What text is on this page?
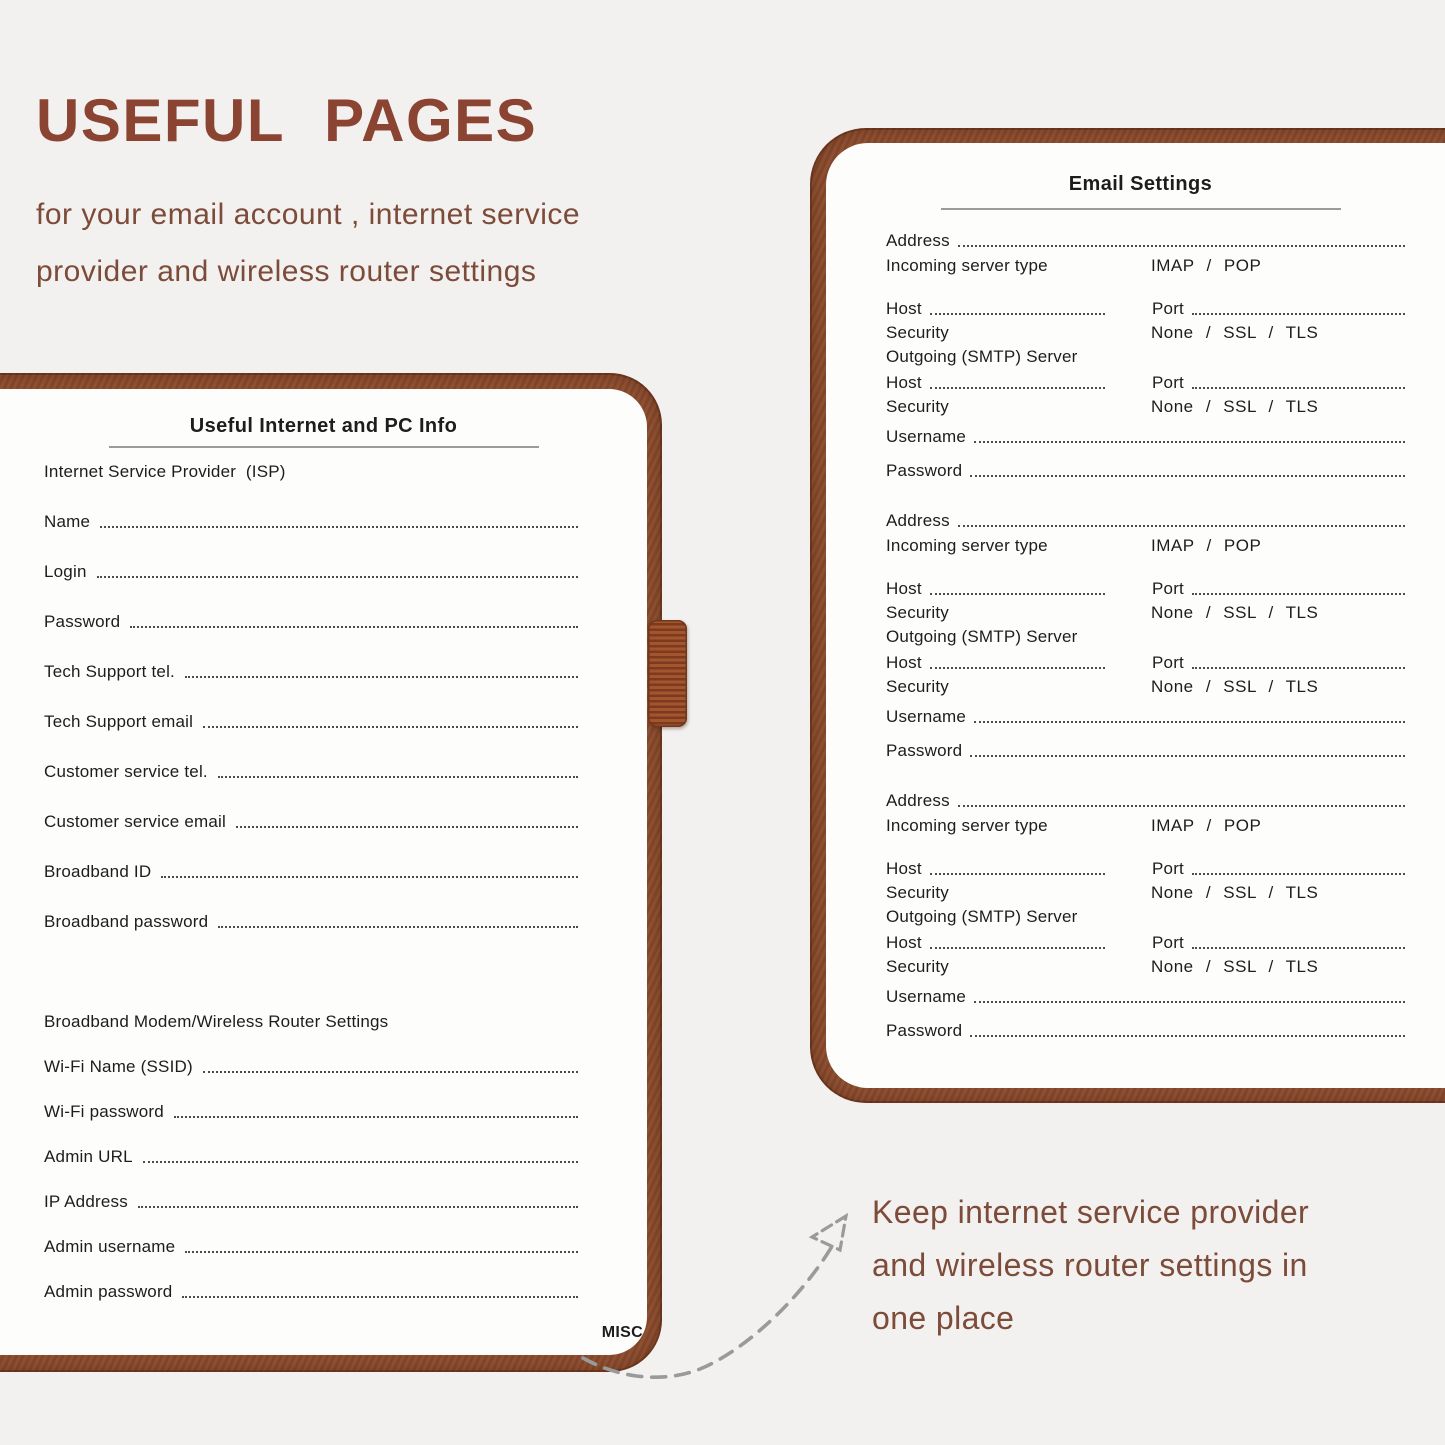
USEFUL PAGES

for your email account , internet service

provider and wireless router settings

Useful Internet and PC Info
Internet Service Provider  (ISP)
Name
Login
Password
Tech Support tel.
Tech Support email
Customer service tel.
Customer service email
Broadband ID
Broadband password
Broadband Modem/Wireless Router Settings
Wi-Fi Name (SSID)
Wi-Fi password
Admin URL
IP Address
Admin username
Admin password
MISC
Email Settings
Address
Incoming server type	IMAP / POP
Host	Port
Security	None / SSL / TLS
Outgoing (SMTP) Server
Host	Port
Security	None / SSL / TLS
Username
Password
Address
Incoming server type	IMAP / POP
Host	Port
Security	None / SSL / TLS
Outgoing (SMTP) Server
Host	Port
Security	None / SSL / TLS
Username
Password
Address
Incoming server type	IMAP / POP
Host	Port
Security	None / SSL / TLS
Outgoing (SMTP) Server
Host	Port
Security	None / SSL / TLS
Username
Password

Keep internet service provider

and wireless router settings in

one place
